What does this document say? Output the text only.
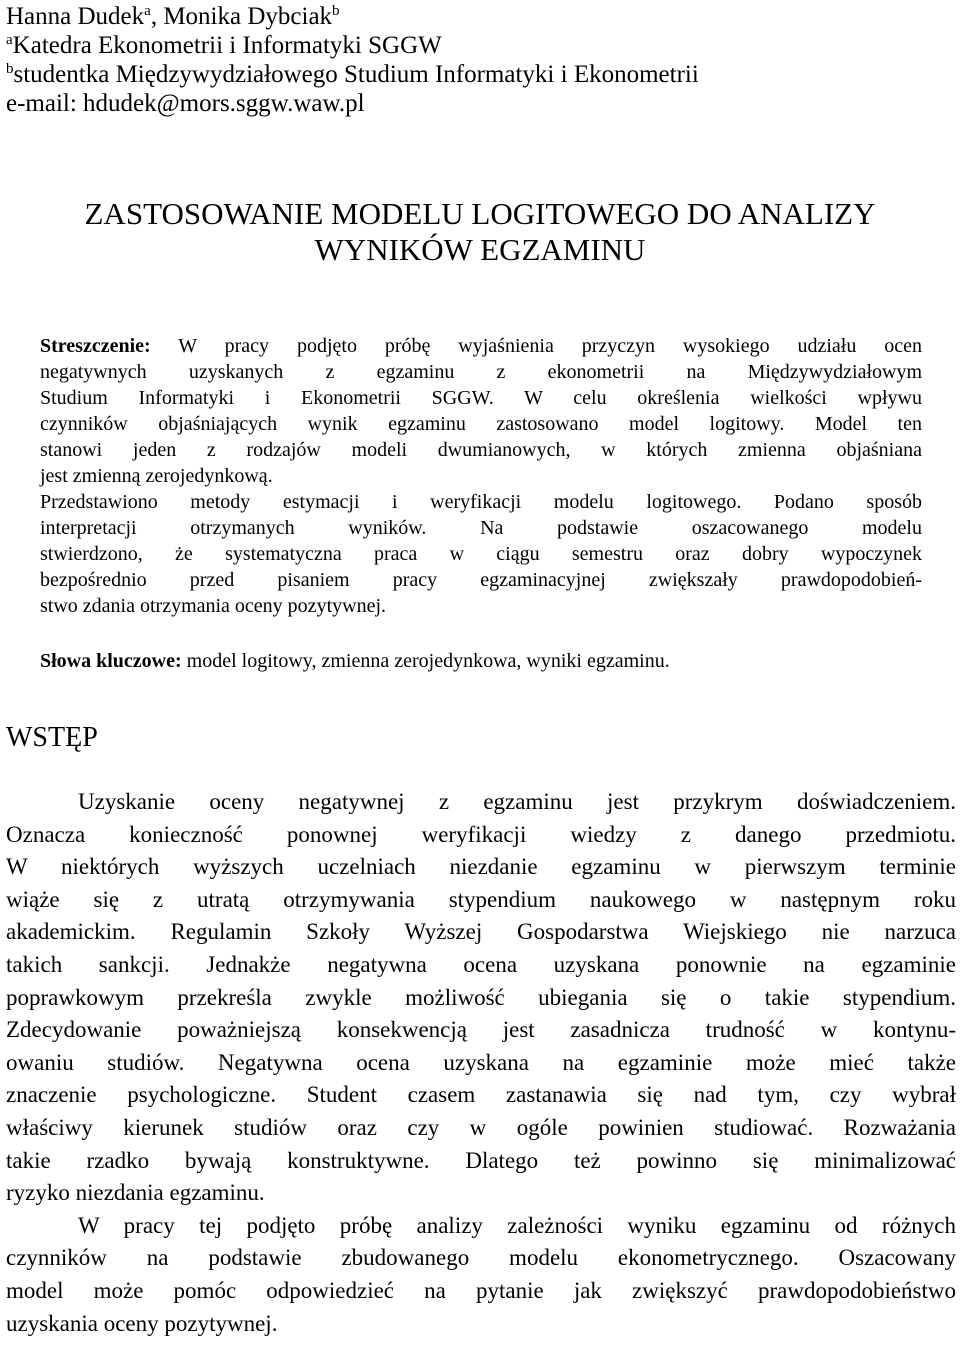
Hanna Dudek$^a$, Monika Dybciak$^b$
$^a$Katedra Ekonometrii i Informatyki SGGW
$^b$studentka Międzywydziałowego Studium Informatyki i Ekonometrii
e-mail: hdudek@mors.sggw.waw.pl
ZASTOSOWANIE MODELU LOGITOWEGO DO ANALIZY
WYNIKÓW EGZAMINU
Streszczenie: W pracy podjęto próbę wyjaśnienia przyczyn wysokiego udziału ocen
negatywnych uzyskanych z egzaminu z ekonometrii na Międzywydziałowym
Studium Informatyki i Ekonometrii SGGW. W celu określenia wielkości wpływu
czynników objaśniających wynik egzaminu zastosowano model logitowy. Model ten
stanowi jeden z rodzajów modeli dwumianowych, w których zmienna objaśniana
jest zmienną zerojedynkową.
Przedstawiono metody estymacji i weryfikacji modelu logitowego. Podano sposób
interpretacji otrzymanych wyników. Na podstawie oszacowanego modelu
stwierdzono, że systematyczna praca w ciągu semestru oraz dobry wypoczynek
bezpośrednio przed pisaniem pracy egzaminacyjnej zwiększały prawdopodobień-
stwo zdania otrzymania oceny pozytywnej.
Słowa kluczowe: model logitowy, zmienna zerojedynkowa, wyniki egzaminu.
WSTĘP
Uzyskanie oceny negatywnej z egzaminu jest przykrym doświadczeniem.
Oznacza konieczność ponownej weryfikacji wiedzy z danego przedmiotu.
W niektórych wyższych uczelniach niezdanie egzaminu w pierwszym terminie
wiąże się z utratą otrzymywania stypendium naukowego w następnym roku
akademickim. Regulamin Szkoły Wyższej Gospodarstwa Wiejskiego nie narzuca
takich sankcji. Jednakże negatywna ocena uzyskana ponownie na egzaminie
poprawkowym przekreśla zwykle możliwość ubiegania się o takie stypendium.
Zdecydowanie poważniejszą konsekwencją jest zasadnicza trudność w kontynu-
owaniu studiów. Negatywna ocena uzyskana na egzaminie może mieć także
znaczenie psychologiczne. Student czasem zastanawia się nad tym, czy wybrał
właściwy kierunek studiów oraz czy w ogóle powinien studiować. Rozważania
takie rzadko bywają konstruktywne. Dlatego też powinno się minimalizować
ryzyko niezdania egzaminu.
W pracy tej podjęto próbę analizy zależności wyniku egzaminu od różnych
czynników na podstawie zbudowanego modelu ekonometrycznego. Oszacowany
model może pomóc odpowiedzieć na pytanie jak zwiększyć prawdopodobieństwo
uzyskania oceny pozytywnej.
